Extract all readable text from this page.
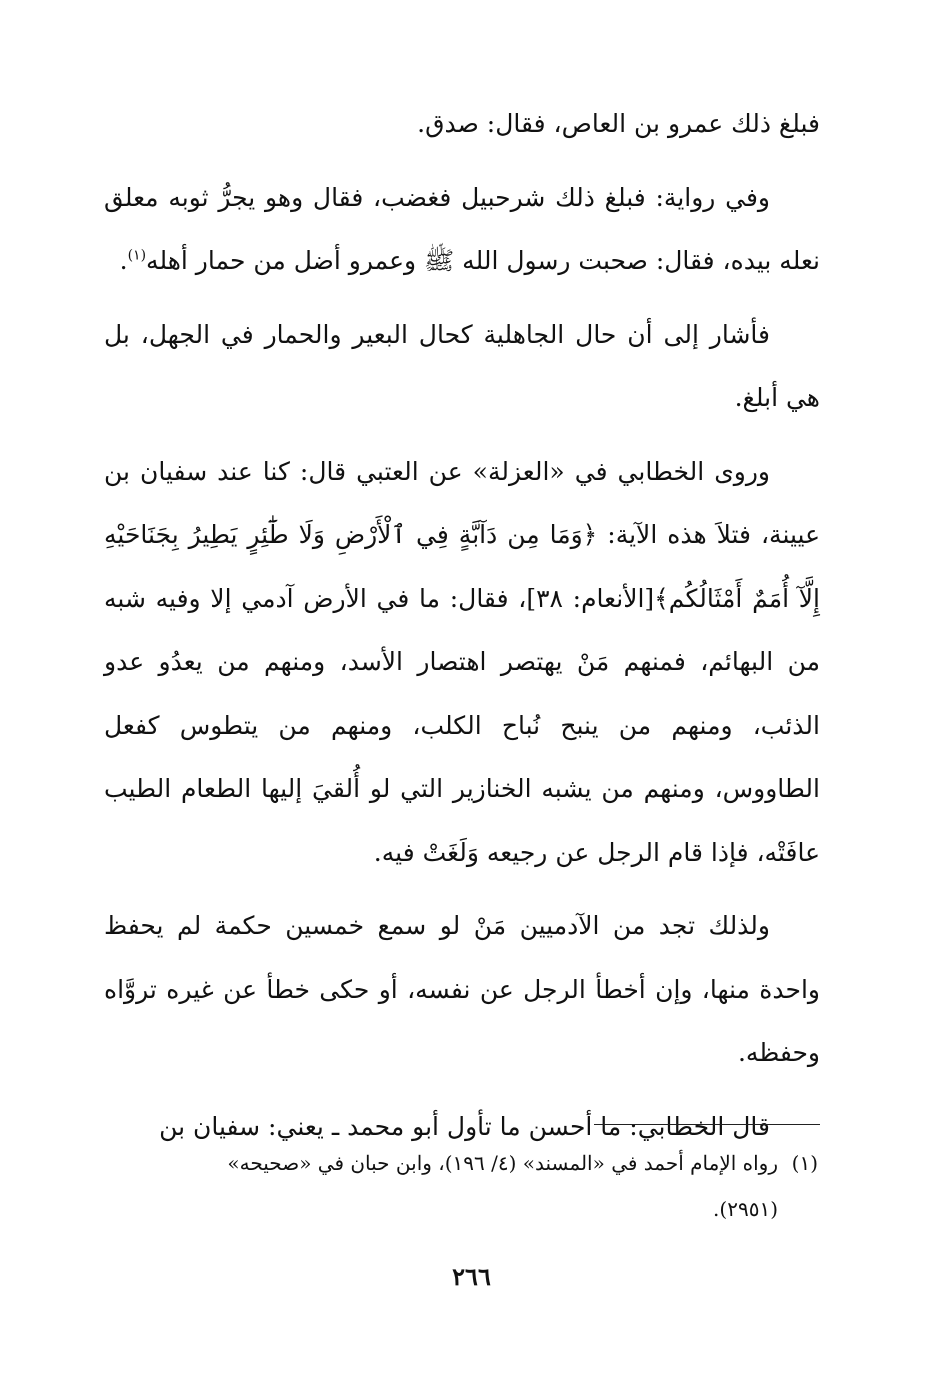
فبلغ ذلك عمرو بن العاص، فقال: صدق.

وفي رواية: فبلغ ذلك شرحبيل فغضب، فقال وهو يجرُّ ثوبه معلق نعله بيده، فقال: صحبت رسول الله ﷺ وعمرو أضل من حمار أهله$^{(١)}$.

فأشار إلى أن حال الجاهلية كحال البعير والحمار في الجهل، بل هي أبلغ.

وروى الخطابي في «العزلة» عن العتبي قال: كنا عند سفيان بن عيينة، فتلاَ هذه الآية: ﴿وَمَا مِن دَآبَّةٍ فِي ٱلْأَرْضِ وَلَا طَٰٓئِرٍ يَطِيرُ بِجَنَاحَيْهِ إِلَّآ أُمَمٌ أَمْثَالُكُم﴾[الأنعام: ٣٨]، فقال: ما في الأرض آدمي إلا وفيه شبه من البهائم، فمنهم مَنْ يهتصر اهتصار الأسد، ومنهم من يعدُو عدو الذئب، ومنهم من ينبح نُباح الكلب، ومنهم من يتطوس كفعل الطاووس، ومنهم من يشبه الخنازير التي لو أُلقيَ إليها الطعام الطيب عافَتْه، فإذا قام الرجل عن رجيعه وَلَغَتْ فيه.

ولذلك تجد من الآدميين مَنْ لو سمع خمسين حكمة لم يحفظ واحدة منها، وإن أخطأ الرجل عن نفسه، أو حكى خطأ عن غيره تروَّاه وحفظه.

قال الخطابي: ما أحسن ما تأول أبو محمد ـ يعني: سفيان بن

(١)رواه الإمام أحمد في «المسند» (٤/ ١٩٦)، وابن حبان في «صحيحه»
(٢٩٥١).
٢٦٦
